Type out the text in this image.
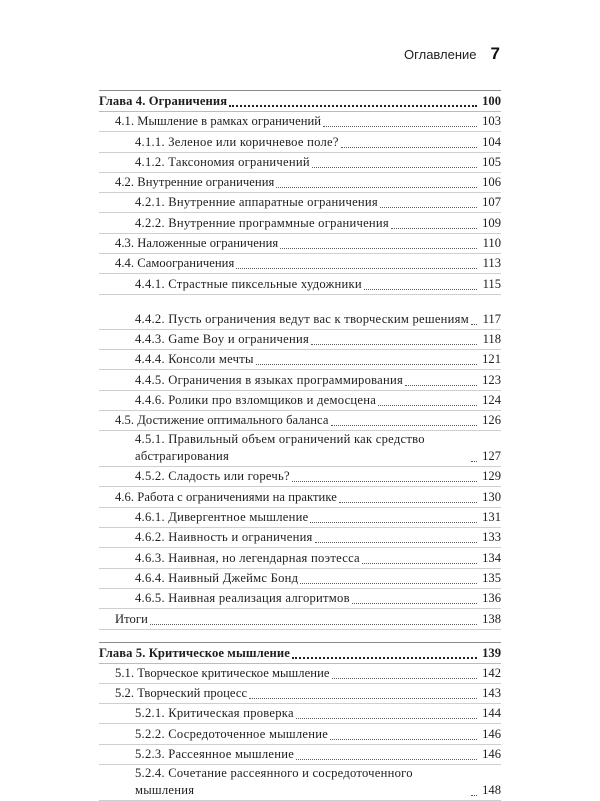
Оглавление 7
Глава 4. Ограничения	100
4.1. Мышление в рамках ограничений	103
4.1.1. Зеленое или коричневое поле?	104
4.1.2. Таксономия ограничений	105
4.2. Внутренние ограничения	106
4.2.1. Внутренние аппаратные ограничения	107
4.2.2. Внутренние программные ограничения	109
4.3. Наложенные ограничения	110
4.4. Самоограничения	113
4.4.1. Страстные пиксельные художники	115
4.4.2. Пусть ограничения ведут вас к творческим решениям 117
4.4.3. Game Boy и ограничения	118
4.4.4. Консоли мечты	121
4.4.5. Ограничения в языках программирования	123
4.4.6. Ролики про взломщиков и демосцена	124
4.5. Достижение оптимального баланса	126
4.5.1. Правильный объем ограничений как средство абстрагирования	127
4.5.2. Сладость или горечь?	129
4.6. Работа с ограничениями на практике	130
4.6.1. Дивергентное мышление	131
4.6.2. Наивность и ограничения	133
4.6.3. Наивная, но легендарная поэтесса	134
4.6.4. Наивный Джеймс Бонд	135
4.6.5. Наивная реализация алгоритмов	136
Итоги	138
Глава 5. Критическое мышление	139
5.1. Творческое критическое мышление	142
5.2. Творческий процесс	143
5.2.1. Критическая проверка	144
5.2.2. Сосредоточенное мышление	146
5.2.3. Рассеянное мышление	146
5.2.4. Сочетание рассеянного и сосредоточенного мышления	148
